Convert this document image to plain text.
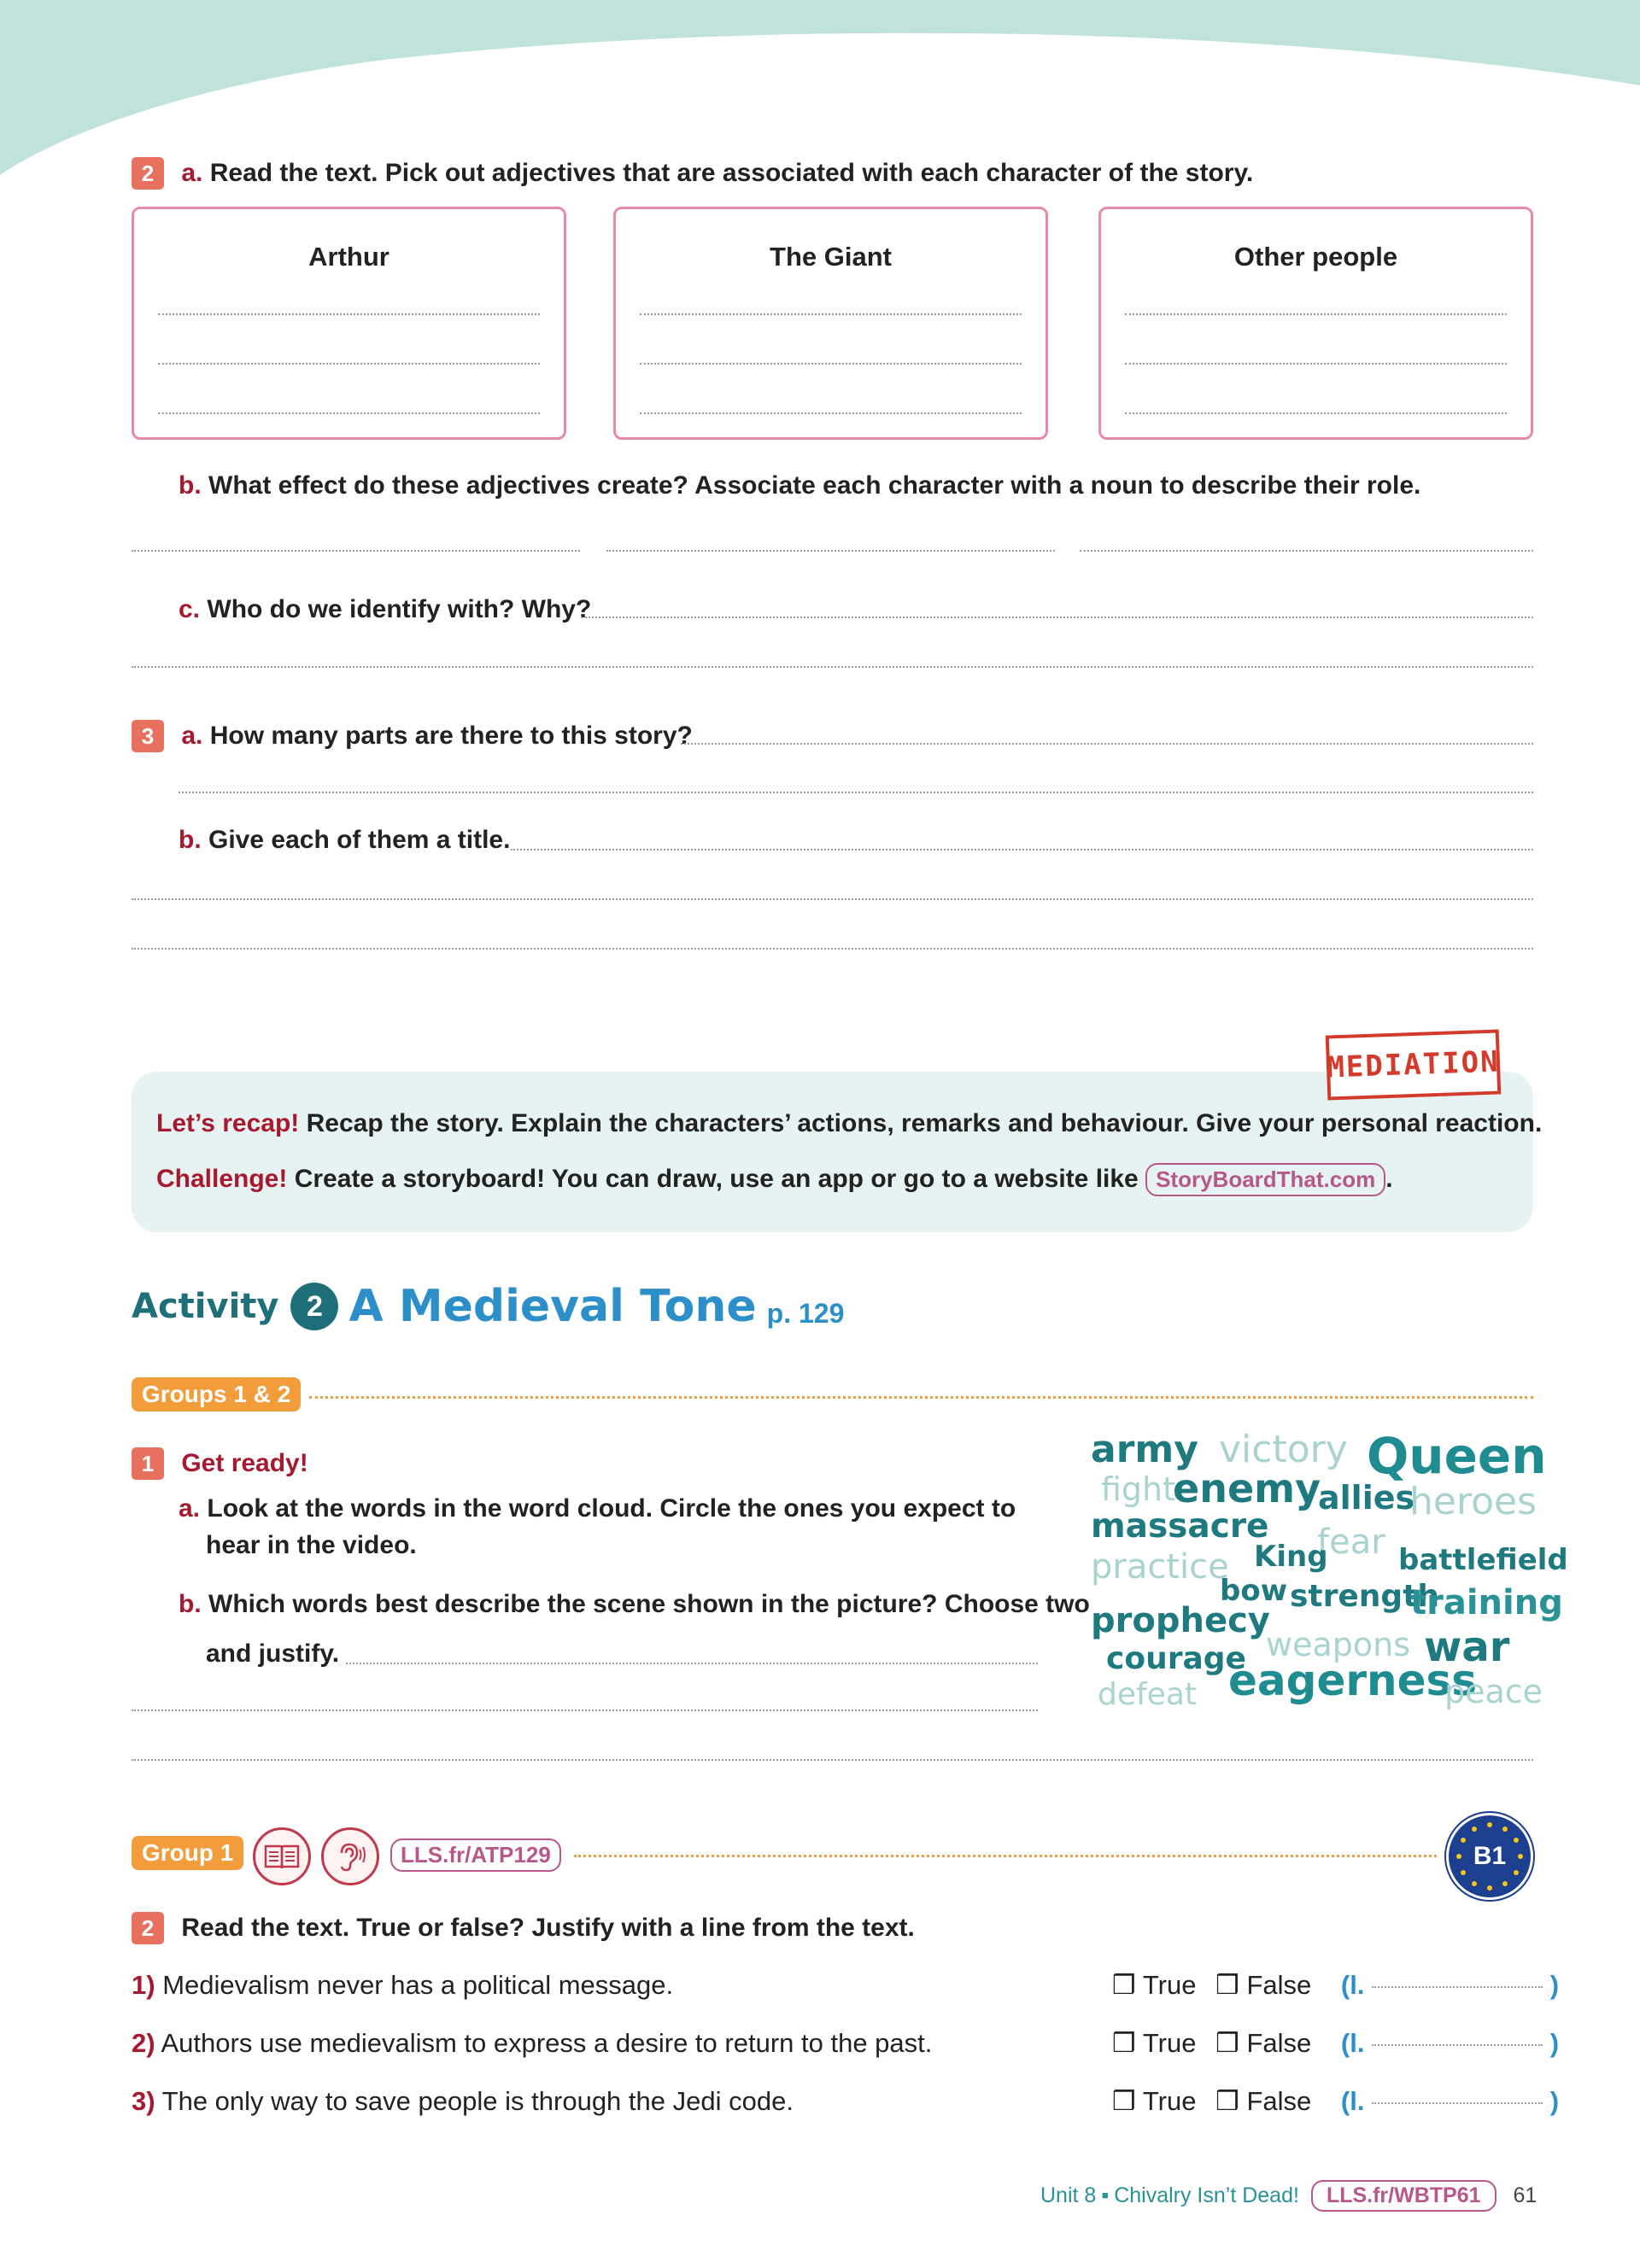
2 a. Read the text. Pick out adjectives that are associated with each character of the story.
Arthur	The Giant	Other people
b. What effect do these adjectives create? Associate each character with a noun to describe their role.
c. Who do we identify with? Why?
3 a. How many parts are there to this story?
b. Give each of them a title.
MEDIATION
Let’s recap! Recap the story. Explain the characters’ actions, remarks and behaviour. Give your personal reaction.
Challenge! Create a storyboard! You can draw, use an app or go to a website like StoryBoardThat.com .
Activity 2 A Medieval Tone p. 129
Groups 1 & 2
1 Get ready!
a. Look at the words in the word cloud. Circle the ones you expect to
hear in the video.
b. Which words best describe the scene shown in the picture? Choose two
and justify.
army victory Queen
fight
enemy
allies
heroes
massacre fear
practice King battlefield
bow strength
training
prophecy
weapons
courage	war
defeat eagerness
peace
Group 1	LLS.fr/ATP129	B1
2 Read the text. True or false? Justify with a line from the text.
1) Medievalism never has a political message.	❒ True ❒ False (l.	)
2) Authors use medievalism to express a desire to return to the past.	❒ True ❒ False (l.	)
3) The only way to save people is through the Jedi code.	❒ True ❒ False (l.	)
Unit 8 ▪ Chivalry Isn’t Dead!	LLS.fr/WBTP61	61
